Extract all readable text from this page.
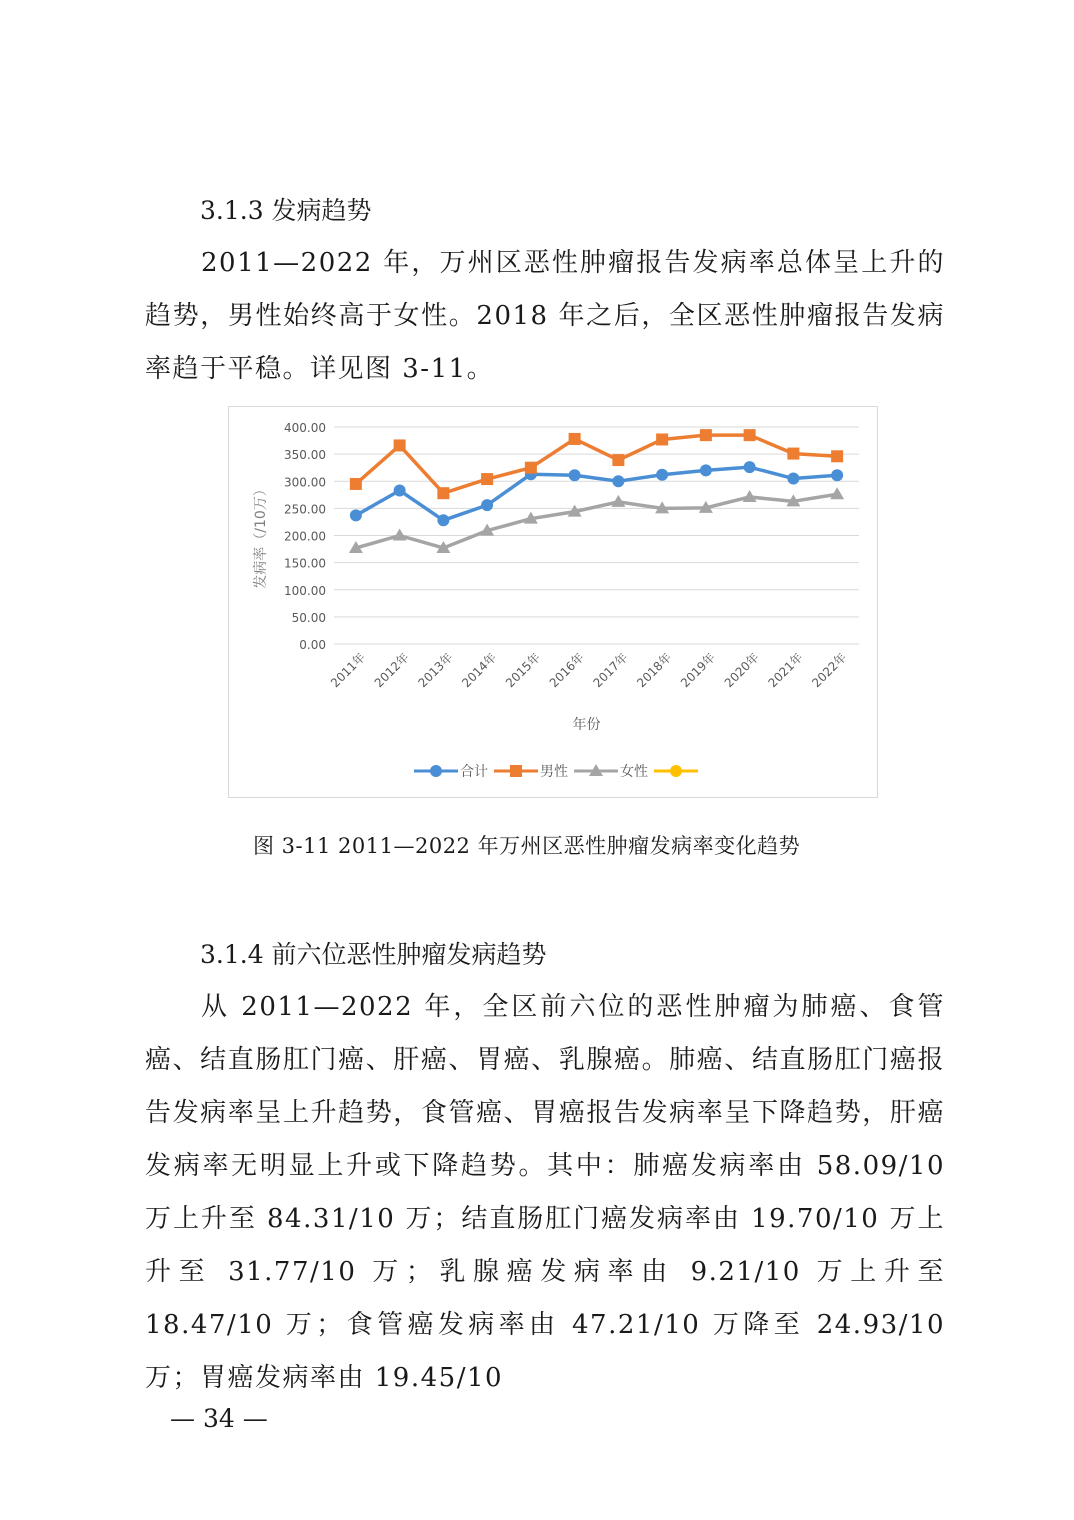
3.1.3 发病趋势

2011—2022 年，万州区恶性肿瘤报告发病率总体呈上升的趋势，男性始终高于女性。2018 年之后，全区恶性肿瘤报告发病率趋于平稳。详见图 3-11。

0.00
50.00
100.00
150.00
200.00
250.00
300.00
350.00
400.00
发病率（/10万）
2011年 2012年 2013年 2014年 2015年 2016年 2017年 2018年 2019年 2020年 2021年 2022年
年份
合计	男性	女性
图 3-11 2011—2022 年万州区恶性肿瘤发病率变化趋势
3.1.4 前六位恶性肿瘤发病趋势

从 2011—2022 年，全区前六位的恶性肿瘤为肺癌、食管癌、结直肠肛门癌、肝癌、胃癌、乳腺癌。肺癌、结直肠肛门癌报告发病率呈上升趋势，食管癌、胃癌报告发病率呈下降趋势，肝癌发病率无明显上升或下降趋势。其中：肺癌发病率由 58.09/10 万上升至 84.31/10 万；结直肠肛门癌发病率由 19.70/10 万上升至 31.77/10 万；乳腺癌发病率由 9.21/10 万上升至 18.47/10 万；食管癌发病率由 47.21/10 万降至 24.93/10 万；胃癌发病率由 19.45/10

— 34 —
